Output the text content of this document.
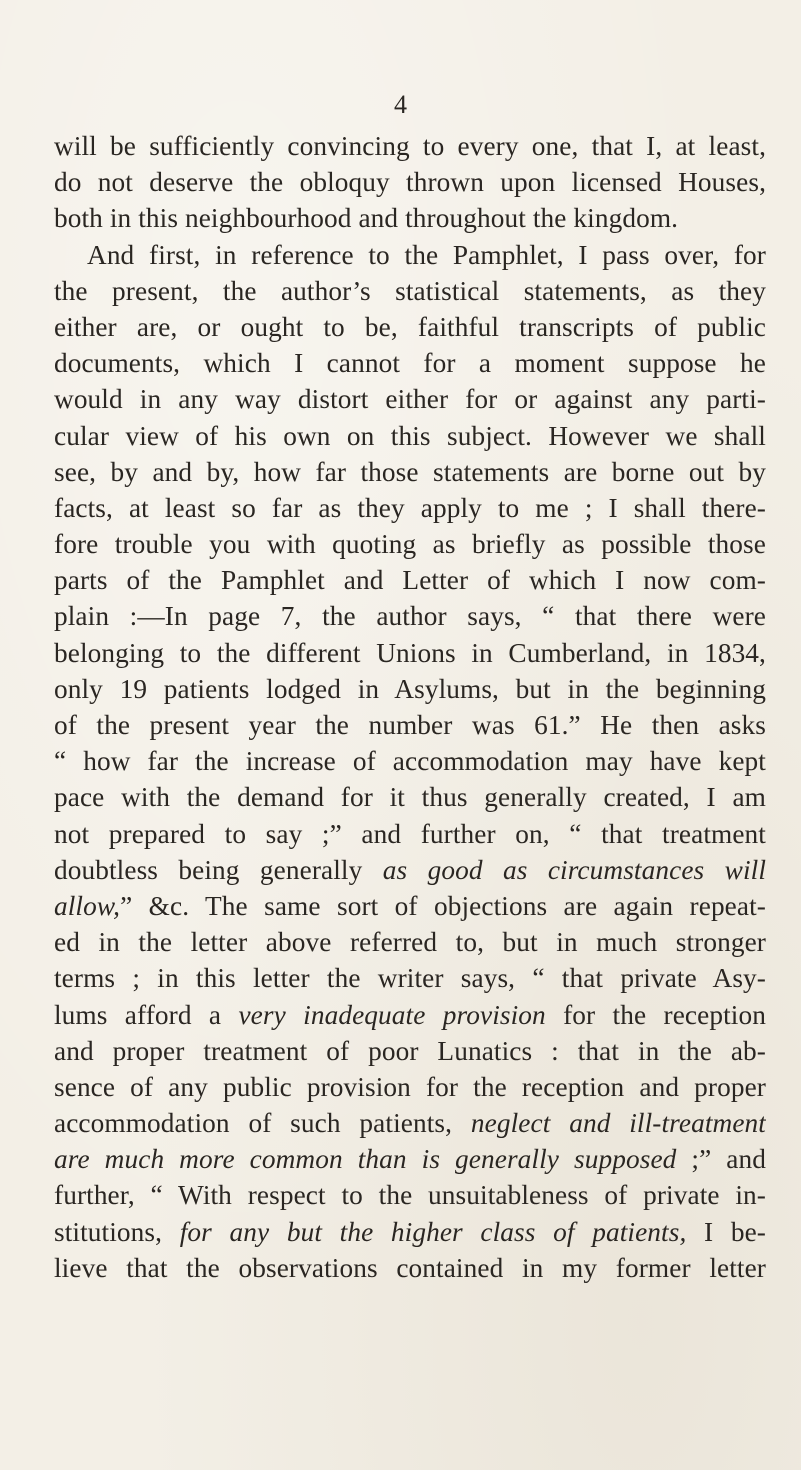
4
will be sufficiently convincing to every one, that I, at least,
do not deserve the obloquy thrown upon licensed Houses,
both in this neighbourhood and throughout the kingdom.
And first, in reference to the Pamphlet, I pass over, for
the present, the author’s statistical statements, as they
either are, or ought to be, faithful transcripts of public
documents, which I cannot for a moment suppose he
would in any way distort either for or against any parti-
cular view of his own on this subject. However we shall
see, by and by, how far those statements are borne out by
facts, at least so far as they apply to me ; I shall there-
fore trouble you with quoting as briefly as possible those
parts of the Pamphlet and Letter of which I now com-
plain :—In page 7, the author says, “ that there were
belonging to the different Unions in Cumberland, in 1834,
only 19 patients lodged in Asylums, but in the beginning
of the present year the number was 61.” He then asks
“ how far the increase of accommodation may have kept
pace with the demand for it thus generally created, I am
not prepared to say ;” and further on, “ that treatment
doubtless being generally as good as circumstances will
allow,” &c. The same sort of objections are again repeat-
ed in the letter above referred to, but in much stronger
terms ; in this letter the writer says, “ that private Asy-
lums afford a very inadequate provision for the reception
and proper treatment of poor Lunatics : that in the ab-
sence of any public provision for the reception and proper
accommodation of such patients, neglect and ill-treatment
are much more common than is generally supposed ;” and
further, “ With respect to the unsuitableness of private in-
stitutions, for any but the higher class of patients, I be-
lieve that the observations contained in my former letter
